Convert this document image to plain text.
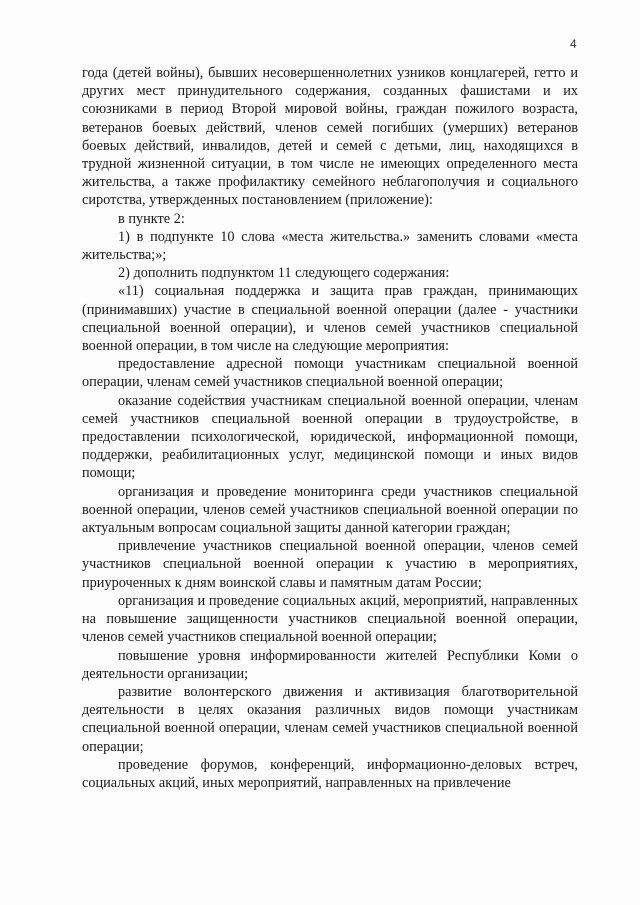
4

года (детей войны), бывших несовершеннолетних узников концлагерей, гетто и других мест принудительного содержания, созданных фашистами и их союзниками в период Второй мировой войны, граждан пожилого возраста, ветеранов боевых действий, членов семей погибших (умерших) ветеранов боевых действий, инвалидов, детей и семей с детьми, лиц, находящихся в трудной жизненной ситуации, в том числе не имеющих определенного места жительства, а также профилактику семейного неблагополучия и социального сиротства, утвержденных постановлением (приложение):

в пункте 2:

1) в подпункте 10 слова «места жительства.» заменить словами «места жительства;»;

2) дополнить подпунктом 11 следующего содержания:

«11) социальная поддержка и защита прав граждан, принимающих (принимавших) участие в специальной военной операции (далее - участники специальной военной операции), и членов семей участников специальной военной операции, в том числе на следующие мероприятия:

предоставление адресной помощи участникам специальной военной операции, членам семей участников специальной военной операции;

оказание содействия участникам специальной военной операции, членам семей участников специальной военной операции в трудоустройстве, в предоставлении психологической, юридической, информационной помощи, поддержки, реабилитационных услуг, медицинской помощи и иных видов помощи;

организация и проведение мониторинга среди участников специальной военной операции, членов семей участников специальной военной операции по актуальным вопросам социальной защиты данной категории граждан;

привлечение участников специальной военной операции, членов семей участников специальной военной операции к участию в мероприятиях, приуроченных к дням воинской славы и памятным датам России;

организация и проведение социальных акций, мероприятий, направленных на повышение защищенности участников специальной военной операции, членов семей участников специальной военной операции;

повышение уровня информированности жителей Республики Коми о деятельности организации;

развитие волонтерского движения и активизация благотворительной деятельности в целях оказания различных видов помощи участникам специальной военной операции, членам семей участников специальной военной операции;

проведение форумов, конференций, информационно-деловых встреч, социальных акций, иных мероприятий, направленных на привлечение
